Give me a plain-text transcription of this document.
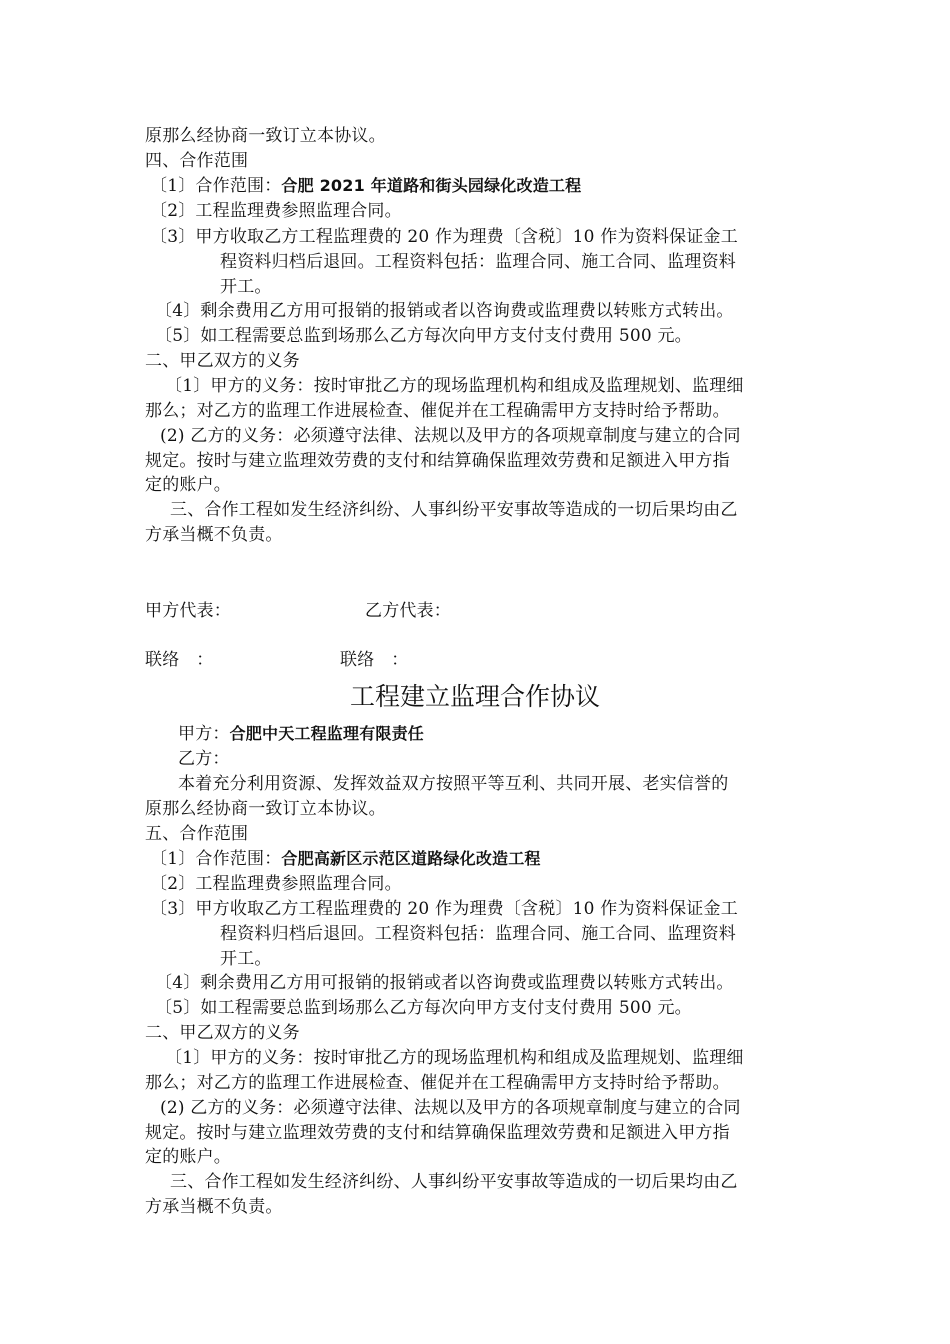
原那么经协商一致订立本协议。
四、合作范围
〔1〕合作范围：合肥 2021 年道路和街头园绿化改造工程
〔2〕工程监理费参照监理合同。
〔3〕甲方收取乙方工程监理费的 20 作为理费〔含税〕10 作为资料保证金工
程资料归档后退回。工程资料包括：监理合同、施工合同、监理资料
开工。
〔4〕剩余费用乙方用可报销的报销或者以咨询费或监理费以转账方式转出。
〔5〕如工程需要总监到场那么乙方每次向甲方支付支付费用 500 元。
二、甲乙双方的义务
〔1〕甲方的义务：按时审批乙方的现场监理机构和组成及监理规划、监理细
那么；对乙方的监理工作进展检查、催促并在工程确需甲方支持时给予帮助。
(2) 乙方的义务：必须遵守法律、法规以及甲方的各项规章制度与建立的合同
规定。按时与建立监理效劳费的支付和结算确保监理效劳费和足额进入甲方指
定的账户。
三、合作工程如发生经济纠纷、人事纠纷平安事故等造成的一切后果均由乙
方承当概不负责。
甲方代表：	乙方代表：
联络   ：	联络   ：
工程建立监理合作协议
甲方：合肥中天工程监理有限责任
乙方：
本着充分利用资源、发挥效益双方按照平等互利、共同开展、老实信誉的
原那么经协商一致订立本协议。
五、合作范围
〔1〕合作范围：合肥高新区示范区道路绿化改造工程
〔2〕工程监理费参照监理合同。
〔3〕甲方收取乙方工程监理费的 20 作为理费〔含税〕10 作为资料保证金工
程资料归档后退回。工程资料包括：监理合同、施工合同、监理资料
开工。
〔4〕剩余费用乙方用可报销的报销或者以咨询费或监理费以转账方式转出。
〔5〕如工程需要总监到场那么乙方每次向甲方支付支付费用 500 元。
二、甲乙双方的义务
〔1〕甲方的义务：按时审批乙方的现场监理机构和组成及监理规划、监理细
那么；对乙方的监理工作进展检查、催促并在工程确需甲方支持时给予帮助。
(2) 乙方的义务：必须遵守法律、法规以及甲方的各项规章制度与建立的合同
规定。按时与建立监理效劳费的支付和结算确保监理效劳费和足额进入甲方指
定的账户。
三、合作工程如发生经济纠纷、人事纠纷平安事故等造成的一切后果均由乙
方承当概不负责。
